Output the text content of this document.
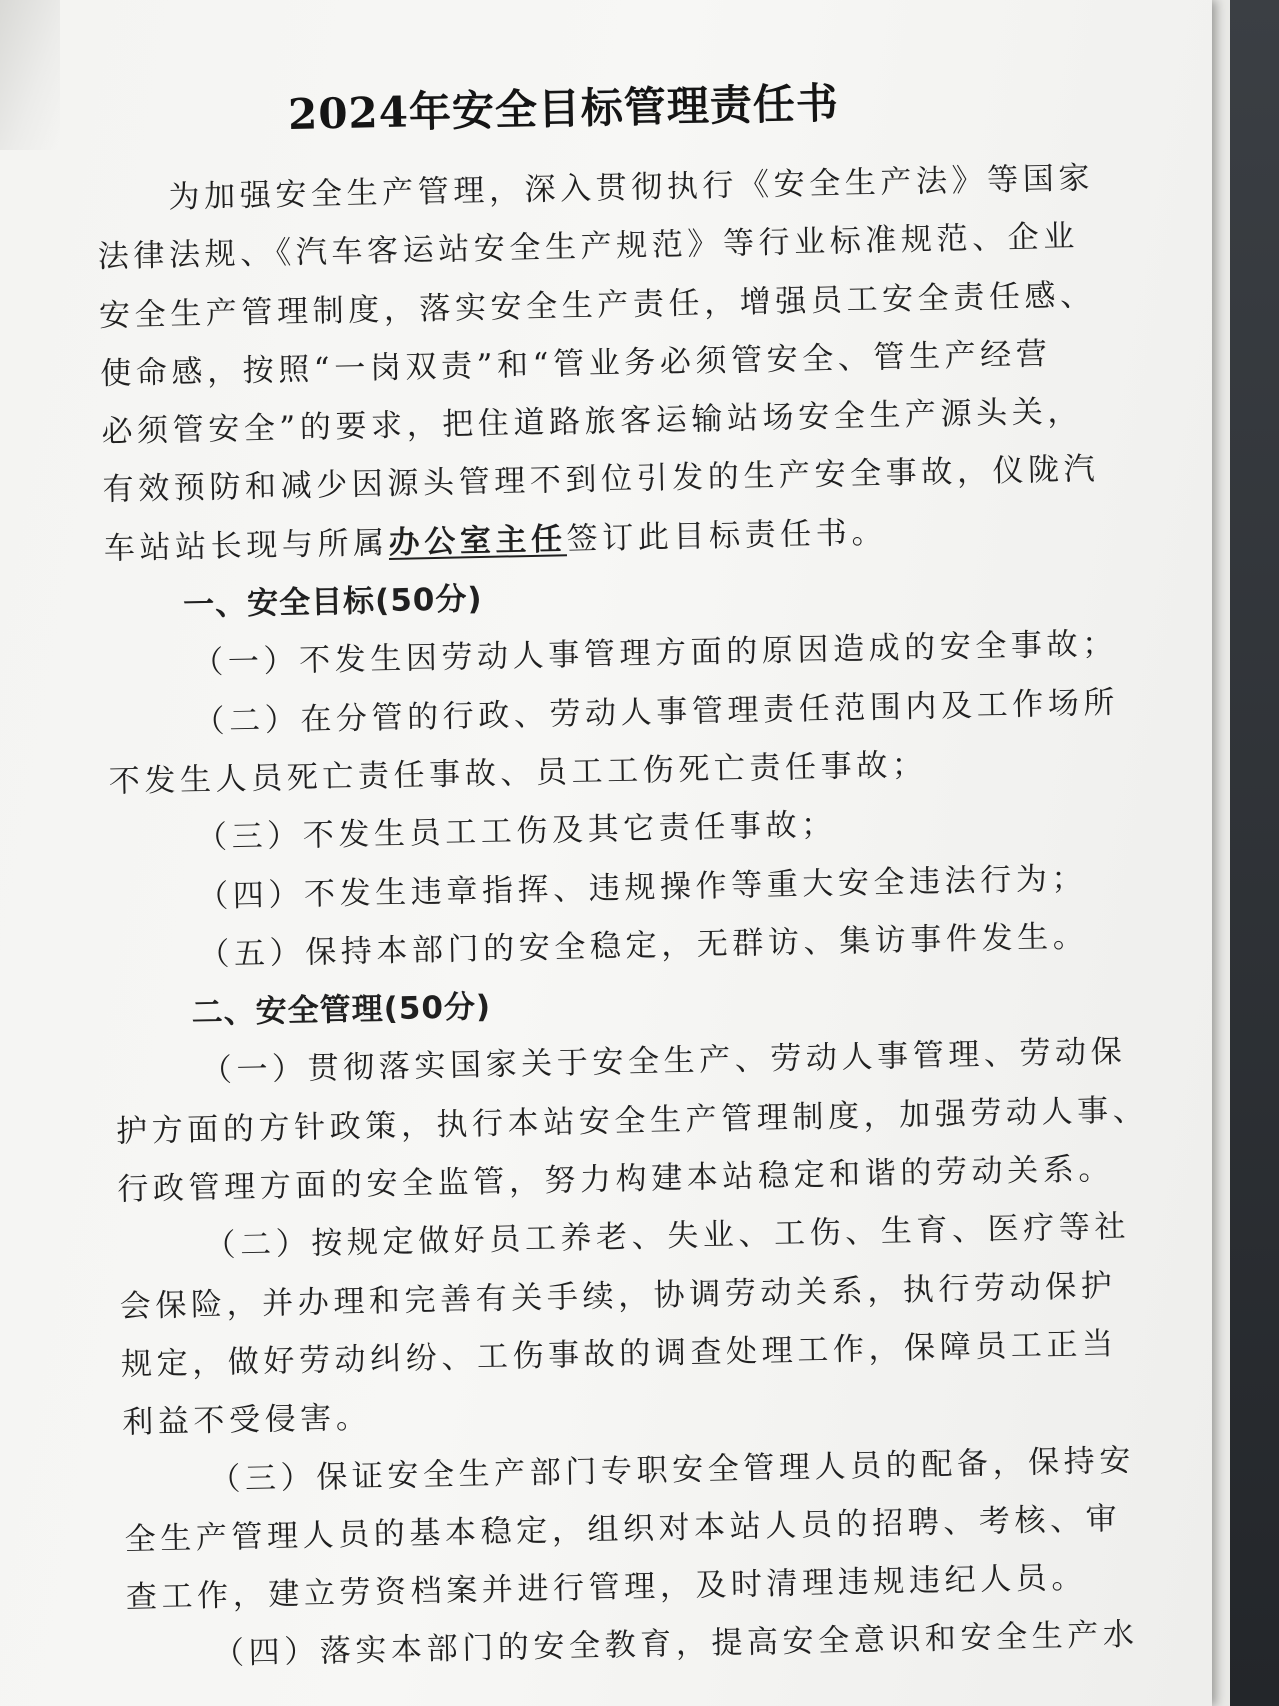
2024年安全目标管理责任书
为加强安全生产管理，深入贯彻执行《安全生产法》等国家
法律法规、《汽车客运站安全生产规范》等行业标准规范、企业
安全生产管理制度，落实安全生产责任，增强员工安全责任感、
使命感，按照“一岗双责”和“管业务必须管安全、管生产经营
必须管安全”的要求，把住道路旅客运输站场安全生产源头关，
有效预防和减少因源头管理不到位引发的生产安全事故，仪陇汽
车站站长现与所属办公室主任签订此目标责任书。
一、安全目标(50分)
（一）不发生因劳动人事管理方面的原因造成的安全事故；
（二）在分管的行政、劳动人事管理责任范围内及工作场所
不发生人员死亡责任事故、员工工伤死亡责任事故；
（三）不发生员工工伤及其它责任事故；
（四）不发生违章指挥、违规操作等重大安全违法行为；
（五）保持本部门的安全稳定，无群访、集访事件发生。
二、安全管理(50分)
（一）贯彻落实国家关于安全生产、劳动人事管理、劳动保
护方面的方针政策，执行本站安全生产管理制度，加强劳动人事、
行政管理方面的安全监管，努力构建本站稳定和谐的劳动关系。
（二）按规定做好员工养老、失业、工伤、生育、医疗等社
会保险，并办理和完善有关手续，协调劳动关系，执行劳动保护
规定，做好劳动纠纷、工伤事故的调查处理工作，保障员工正当
利益不受侵害。
（三）保证安全生产部门专职安全管理人员的配备，保持安
全生产管理人员的基本稳定，组织对本站人员的招聘、考核、审
查工作，建立劳资档案并进行管理，及时清理违规违纪人员。
（四）落实本部门的安全教育，提高安全意识和安全生产水
